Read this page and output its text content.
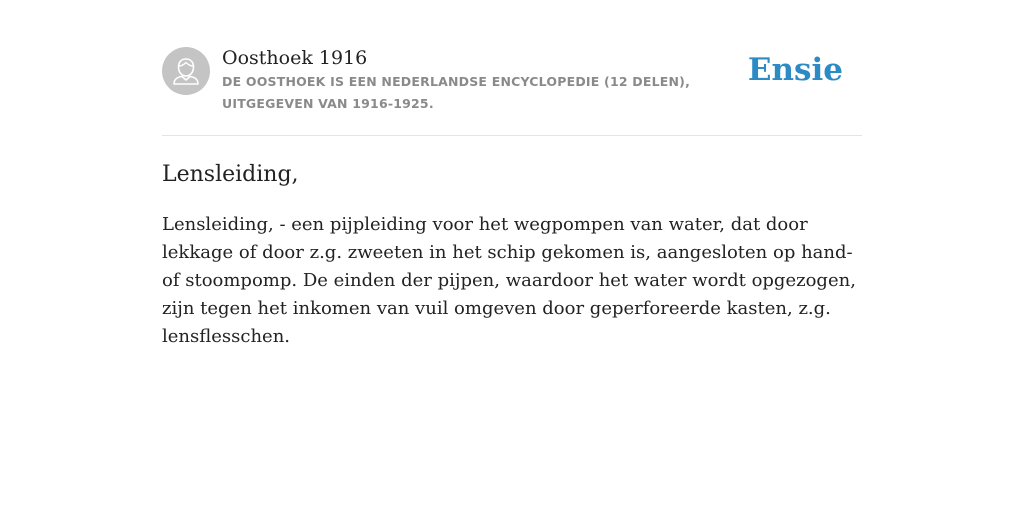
Oosthoek 1916
DE OOSTHOEK IS EEN NEDERLANDSE ENCYCLOPEDIE (12 DELEN), UITGEGEVEN VAN 1916-1925.
Ensie
Lensleiding,

Lensleiding, - een pijpleiding voor het wegpompen van water, dat door lekkage of door z.g. zweeten in het schip gekomen is, aangesloten op hand- of stoompomp. De einden der pijpen, waardoor het water wordt opgezogen, zijn tegen het inkomen van vuil omgeven door geperforeerde kasten, z.g. lensflesschen.
